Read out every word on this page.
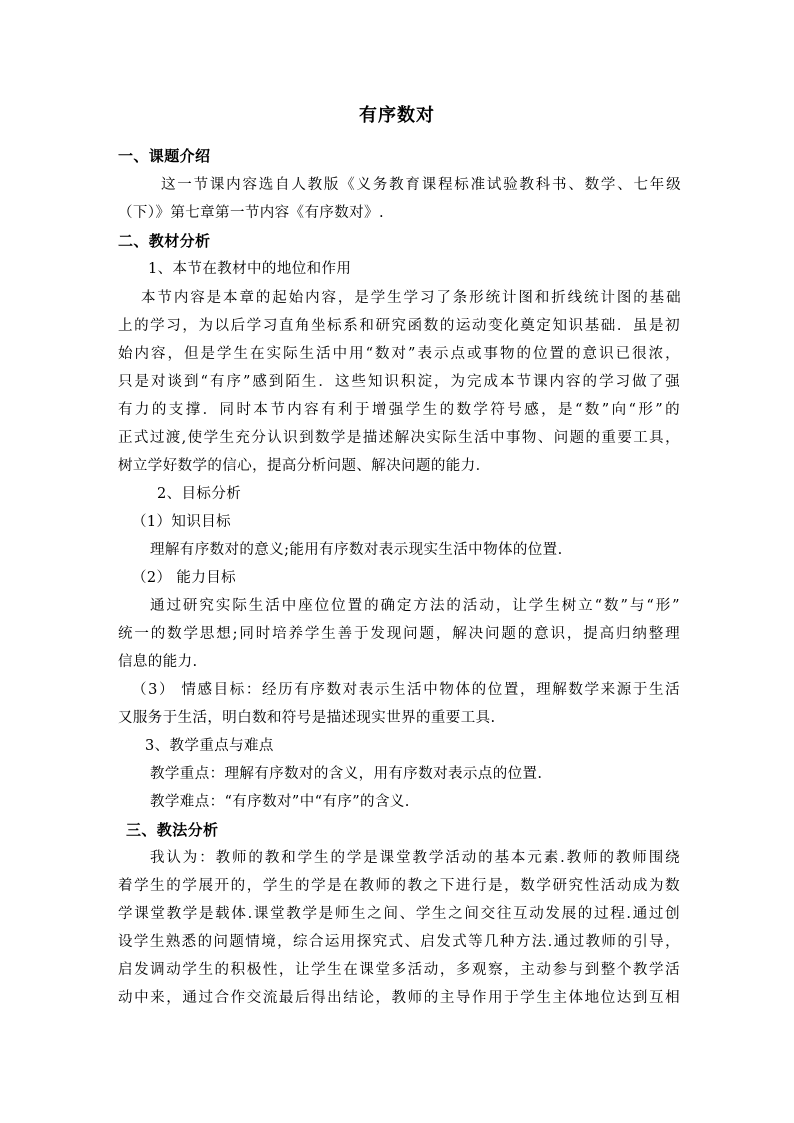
有序数对
一、课题介绍
这一节课内容选自人教版《义务教育课程标准试验教科书、数学、七年级
（下）》第七章第一节内容《有序数对》.
二、教材分析
1、本节在教材中的地位和作用
本节内容是本章的起始内容，是学生学习了条形统计图和折线统计图的基础
上的学习，为以后学习直角坐标系和研究函数的运动变化奠定知识基础．虽是初
始内容，但是学生在实际生活中用“数对”表示点或事物的位置的意识已很浓，
只是对谈到“有序”感到陌生．这些知识积淀，为完成本节课内容的学习做了强
有力的支撑．同时本节内容有利于增强学生的数学符号感，是“数”向“形”的
正式过渡,使学生充分认识到数学是描述解决实际生活中事物、问题的重要工具，
树立学好数学的信心，提高分析问题、解决问题的能力．
2、目标分析
（1）知识目标
理解有序数对的意义;能用有序数对表示现实生活中物体的位置.
（2） 能力目标
通过研究实际生活中座位位置的确定方法的活动，让学生树立“数”与“形”
统一的数学思想;同时培养学生善于发现问题，解决问题的意识，提高归纳整理
信息的能力.
（3） 情感目标：经历有序数对表示生活中物体的位置，理解数学来源于生活
又服务于生活，明白数和符号是描述现实世界的重要工具.
3、教学重点与难点
教学重点：理解有序数对的含义，用有序数对表示点的位置.
教学难点：“有序数对”中“有序”的含义.
三、教法分析
我认为：教师的教和学生的学是课堂教学活动的基本元素.教师的教师围绕
着学生的学展开的，学生的学是在教师的教之下进行是，数学研究性活动成为数
学课堂教学是载体.课堂教学是师生之间、学生之间交往互动发展的过程.通过创
设学生熟悉的问题情境，综合运用探究式、启发式等几种方法.通过教师的引导，
启发调动学生的积极性，让学生在课堂多活动，多观察，主动参与到整个教学活
动中来，通过合作交流最后得出结论，教师的主导作用于学生主体地位达到互相
